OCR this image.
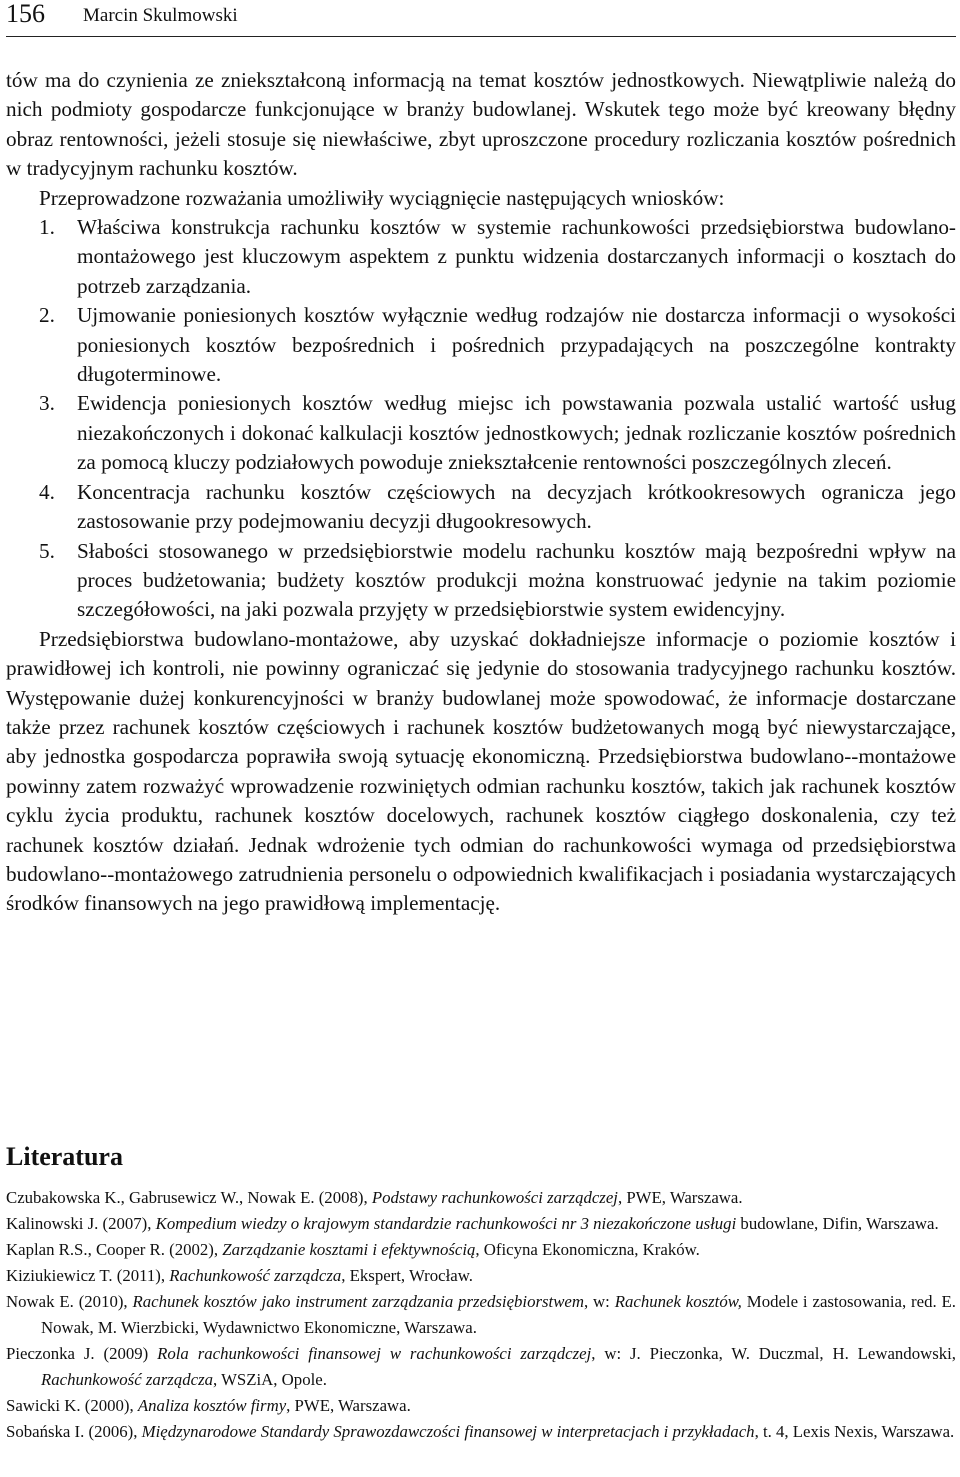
156 Marcin Skulmowski

tów ma do czynienia ze zniekształconą informacją na temat kosztów jednostkowych. Niewątpliwie należą do nich podmioty gospodarcze funkcjonujące w branży budowlanej. Wskutek tego może być kreowany błędny obraz rentowności, jeżeli stosuje się niewłaściwe, zbyt uproszczone procedury rozliczania kosztów pośrednich w tradycyjnym rachunku kosztów.

Przeprowadzone rozważania umożliwiły wyciągnięcie następujących wniosków:

1. Właściwa konstrukcja rachunku kosztów w systemie rachunkowości przedsiębiorstwa budowlano-montażowego jest kluczowym aspektem z punktu widzenia dostarczanych informacji o kosztach do potrzeb zarządzania.
2. Ujmowanie poniesionych kosztów wyłącznie według rodzajów nie dostarcza informacji o wysokości poniesionych kosztów bezpośrednich i pośrednich przypadających na poszczególne kontrakty długoterminowe.
3. Ewidencja poniesionych kosztów według miejsc ich powstawania pozwala ustalić wartość usług niezakończonych i dokonać kalkulacji kosztów jednostkowych; jednak rozliczanie kosztów pośrednich za pomocą kluczy podziałowych powoduje zniekształcenie rentowności poszczególnych zleceń.
4. Koncentracja rachunku kosztów częściowych na decyzjach krótkookresowych ogranicza jego zastosowanie przy podejmowaniu decyzji długookresowych.
5. Słabości stosowanego w przedsiębiorstwie modelu rachunku kosztów mają bezpośredni wpływ na proces budżetowania; budżety kosztów produkcji można konstruować jedynie na takim poziomie szczegółowości, na jaki pozwala przyjęty w przedsiębiorstwie system ewidencyjny.

Przedsiębiorstwa budowlano-montażowe, aby uzyskać dokładniejsze informacje o poziomie kosztów i prawidłowej ich kontroli, nie powinny ograniczać się jedynie do stosowania tradycyjnego rachunku kosztów. Występowanie dużej konkurencyjności w branży budowlanej może spowodować, że informacje dostarczane także przez rachunek kosztów częściowych i rachunek kosztów budżetowanych mogą być niewystarczające, aby jednostka gospodarcza poprawiła swoją sytuację ekonomiczną. Przedsiębiorstwa budowlano--montażowe powinny zatem rozważyć wprowadzenie rozwiniętych odmian rachunku kosztów, takich jak rachunek kosztów cyklu życia produktu, rachunek kosztów docelowych, rachunek kosztów ciągłego doskonalenia, czy też rachunek kosztów działań. Jednak wdrożenie tych odmian do rachunkowości wymaga od przedsiębiorstwa budowlano--montażowego zatrudnienia personelu o odpowiednich kwalifikacjach i posiadania wystarczających środków finansowych na jego prawidłową implementację.

Literatura
Czubakowska K., Gabrusewicz W., Nowak E. (2008), Podstawy rachunkowości zarządczej, PWE, Warszawa.
Kalinowski J. (2007), Kompedium wiedzy o krajowym standardzie rachunkowości nr 3 niezakończone usługi budowlane, Difin, Warszawa.
Kaplan R.S., Cooper R. (2002), Zarządzanie kosztami i efektywnością, Oficyna Ekonomiczna, Kraków.
Kiziukiewicz T. (2011), Rachunkowość zarządcza, Ekspert, Wrocław.
Nowak E. (2010), Rachunek kosztów jako instrument zarządzania przedsiębiorstwem, w: Rachunek kosztów, Modele i zastosowania, red. E. Nowak, M. Wierzbicki, Wydawnictwo Ekonomiczne, Warszawa.
Pieczonka J. (2009) Rola rachunkowości finansowej w rachunkowości zarządczej, w: J. Pieczonka, W. Duczmal, H. Lewandowski, Rachunkowość zarządcza, WSZiA, Opole.
Sawicki K. (2000), Analiza kosztów firmy, PWE, Warszawa.
Sobańska I. (2006), Międzynarodowe Standardy Sprawozdawczości finansowej w interpretacjach i przykładach, t. 4, Lexis Nexis, Warszawa.
